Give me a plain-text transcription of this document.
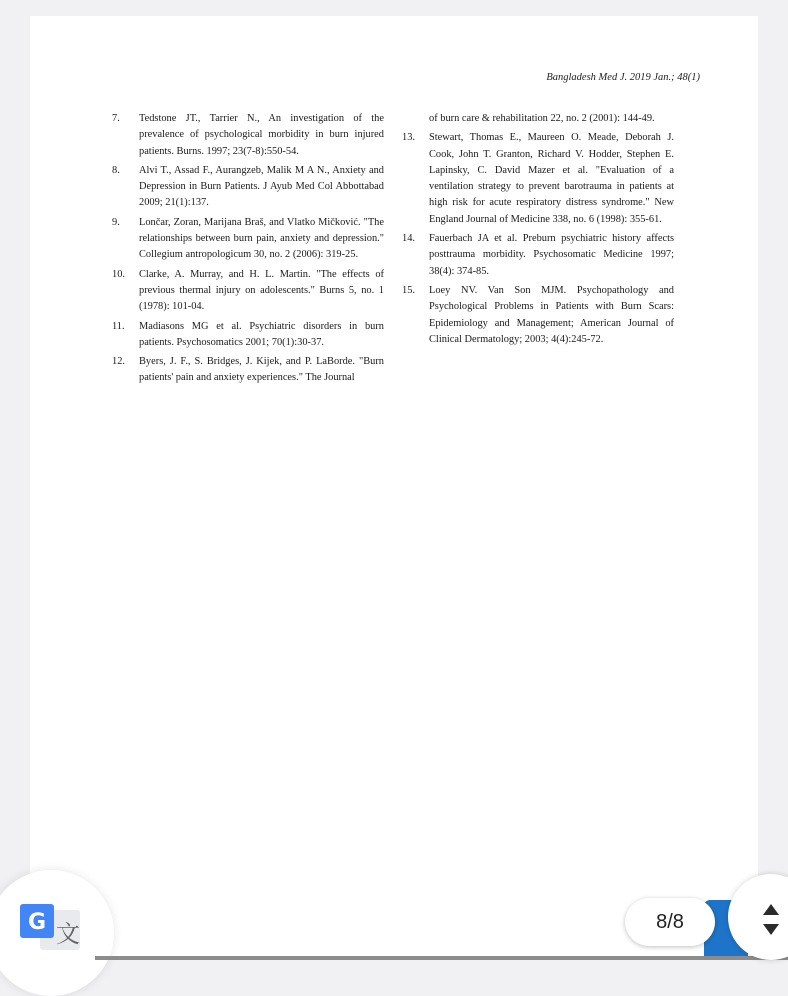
Bangladesh Med J. 2019 Jan.; 48(1)
7.	Tedstone JT., Tarrier N., An investigation of the prevalence of psychological morbidity in burn injured patients. Burns. 1997; 23(7-8):550-54.
8.	Alvi T., Assad F., Aurangzeb, Malik M A N., Anxiety and Depression in Burn Patients. J Ayub Med Col Abbottabad 2009; 21(1):137.
9.	Lončar, Zoran, Marijana Braš, and Vlatko Mičković. "The relationships between burn pain, anxiety and depression." Collegium antropologicum 30, no. 2 (2006): 319-25.
10.	Clarke, A. Murray, and H. L. Martin. "The effects of previous thermal injury on adolescents." Burns 5, no. 1 (1978): 101-04.
11.	Madiasons MG et al. Psychiatric disorders in burn patients. Psychosomatics 2001; 70(1):30-37.
12.	Byers, J. F., S. Bridges, J. Kijek, and P. LaBorde. "Burn patients' pain and anxiety experiences." The Journal
of burn care & rehabilitation 22, no. 2 (2001): 144-49.
13.	Stewart, Thomas E., Maureen O. Meade, Deborah J. Cook, John T. Granton, Richard V. Hodder, Stephen E. Lapinsky, C. David Mazer et al. "Evaluation of a ventilation strategy to prevent barotrauma in patients at high risk for acute respiratory distress syndrome." New England Journal of Medicine 338, no. 6 (1998): 355-61.
14.	Fauerbach JA et al. Preburn psychiatric history affects posttrauma morbidity. Psychosomatic Medicine 1997; 38(4): 374-85.
15.	Loey NV. Van Son MJM. Psychopathology and Psychological Problems in Patients with Burn Scars: Epidemiology and Management; American Journal of Clinical Dermatology; 2003; 4(4):245-72.
文
G	8/8
